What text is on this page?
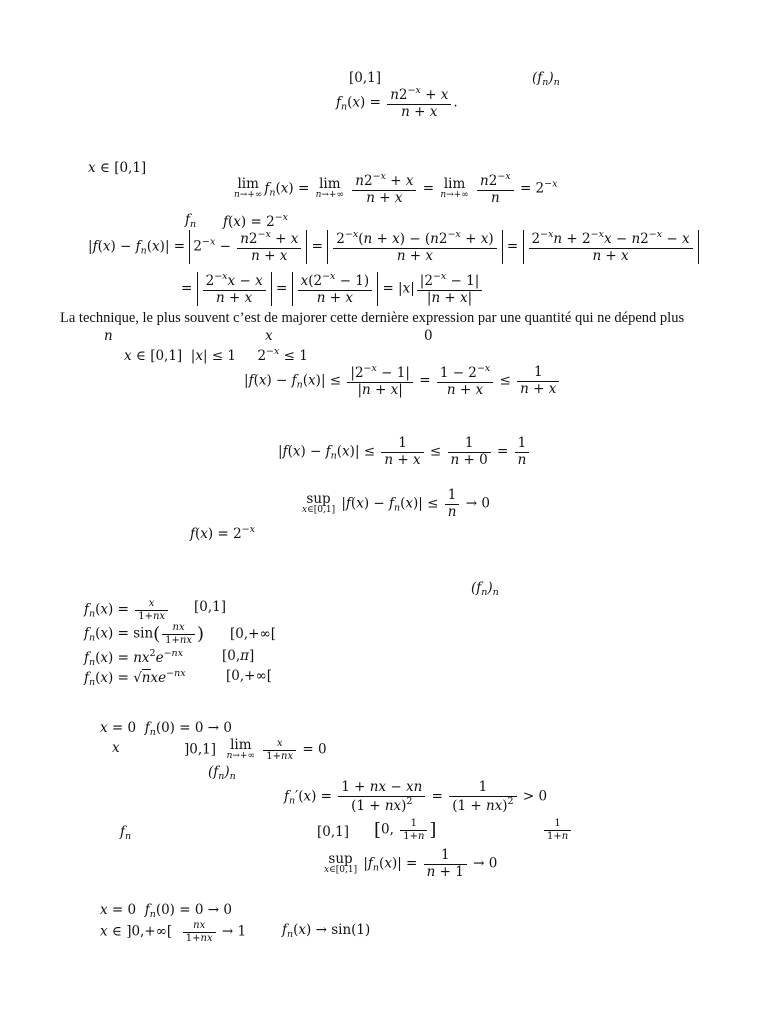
[0,1]	$(f_n)_n$
$f_n(x) = \frac{n2^{-x} + x}{n + x}$ .
x ∈ [0,1]
lim
n→+∞ $f_n(x) = \lim$
n→+∞
$\frac{n2^{-x} + x}{n + x} = \lim$
n→+∞
$\frac{n2^{-x}}{n} = 2^{-x}$
$f_n$ $f(x) = 2^{-x}$
$|f(x) - f_n(x)| = 2^{-x} - \frac{n2^{-x} + x}{n + x} = \frac{2^{-x}(n + x) - (n2^{-x} + x)}{n + x} = \frac{2^{-x}n + 2^{-x}x - n2^{-x} - x}{n + x}$
= $\frac{2^{-x}x - x}{n + x} = \frac{x(2^{-x} - 1)}{n + x} = |x| \frac{|2^{-x} - 1|}{|n + x|}$
La technique, le plus souvent c’est de majorer cette dernière expression par une quantité qui ne dépend plus
n	x	0
x ∈ [0,1]  |x| ≤ 1     $2^{-x} \le 1$
$|f(x) - f_n(x)| \le \frac{|2^{-x} - 1|}{|n + x|} = \frac{1 - 2^{-x}}{n + x} \le \frac{1}{n + x}$
$|f(x) - f_n(x)| \le \frac{1}{n + x} \le \frac{1}{n + 0} = \frac{1}{n}$
sup
x∈[0,1] $|f(x) - f_n(x)| \le \frac{1}{n} \to 0$
$f(x) = 2^{-x}$
$(f_n)_n$
$f_n(x) = \frac{x}{1+nx} [0,1]$
$f_n(x) = \sin( \frac{nx}{1+nx}$ ) [0,+∞[
$f_n(x) = nx^2e^{-nx}$	[0,π]
$f_n(x) = √nxe^{-nx}$	[0,+∞[
x = 0  $f_n(0) = 0 \to 0$
x	]0,1] lim
n→+∞
$\frac{x}{1+nx} = 0$
$(f_n)_n$
$f_n'(x) = \frac{1 + nx - xn}{(1 + nx)^2} = \frac{1}{(1 + nx)^2} > 0$
$f_n$	[0,1] [0, $\frac{1}{1+n}$ ]	$\frac{1}{1+n}$
sup
x∈[0,1] $|f_n(x)| = \frac{1}{n + 1} \to 0$
x = 0  $f_n(0) = 0 \to 0$
x ∈ ]$0,+\infty[ \frac{nx}{1+nx} \to 1$	$f_n(x) \to \sin(1)$
